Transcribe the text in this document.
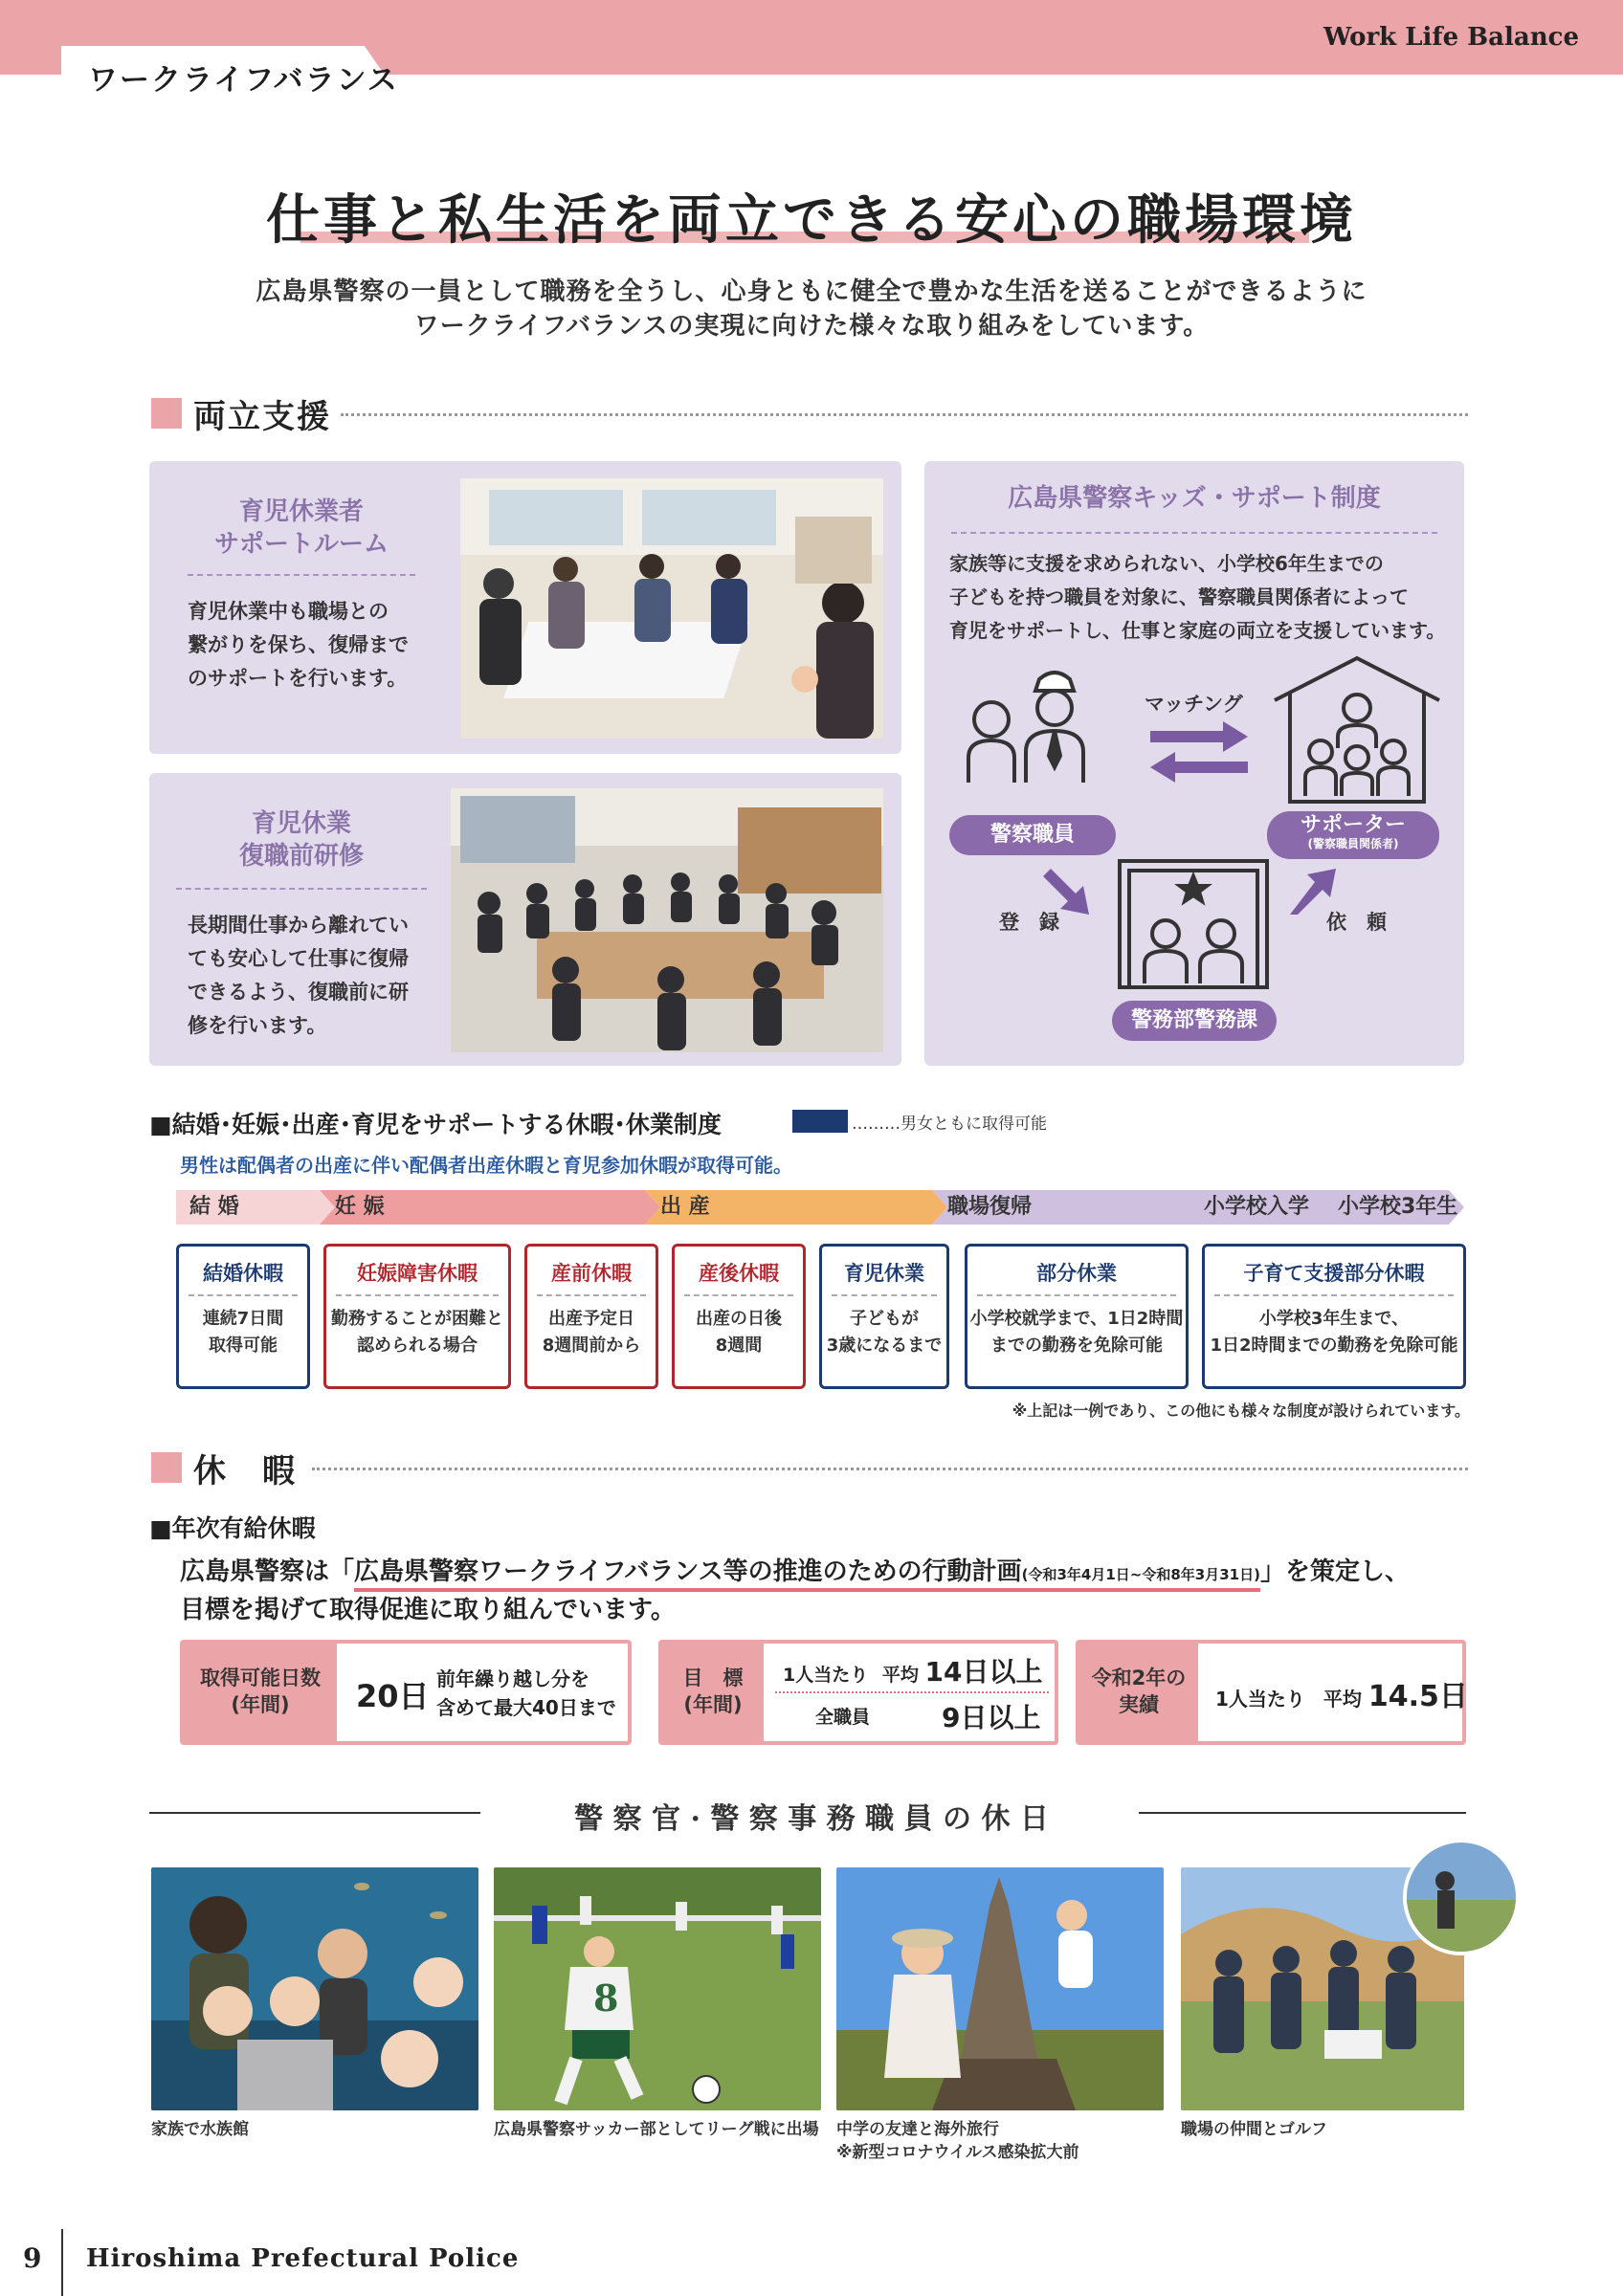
ワークライフバランス
Work Life Balance
仕事と私生活を両立できる安心の職場環境
広島県警察の一員として職務を全うし、心身ともに健全で豊かな生活を送ることができるように
ワークライフバランスの実現に向けた様々な取り組みをしています。
両立支援
育児休業者
サポートルーム
育児休業中も職場との
繋がりを保ち、復帰まで
のサポートを行います。
育児休業
復職前研修
長期間仕事から離れてい
ても安心して仕事に復帰
できるよう、復職前に研
修を行います。
広島県警察キッズ・サポート制度
家族等に支援を求められない、小学校6年生までの
子どもを持つ職員を対象に、警察職員関係者によって
育児をサポートし、仕事と家庭の両立を支援しています。
マッチング
警察職員	サポーター
(警察職員関係者)
登　録	依　頼
警務部警務課
■結婚･妊娠･出産･育児をサポートする休暇･休業制度	………男女ともに取得可能
男性は配偶者の出産に伴い配偶者出産休暇と育児参加休暇が取得可能。
結 婚	妊 娠	出 産	職場復帰	小学校入学	小学校3年生
結婚休暇
連続7日間
取得可能
妊娠障害休暇
勤務することが困難と
認められる場合
産前休暇
出産予定日
8週間前から
産後休暇
出産の日後
8週間
育児休業
子どもが
3歳になるまで
部分休業
小学校就学まで、1日2時間
までの勤務を免除可能
子育て支援部分休暇
小学校3年生まで、
1日2時間までの勤務を免除可能
※上記は一例であり、この他にも様々な制度が設けられています。
休　暇
■年次有給休暇
広島県警察は「広島県警察ワークライフバランス等の推進のための行動計画(令和3年4月1日~令和8年3月31日)」を策定し、
目標を掲げて取得促進に取り組んでいます。
取得可能日数
(年間)	20日 前年繰り越し分を
含めて最大40日まで
目　標
(年間)
1人当たり 平均 14日以上
全職員	9日以上
令和2年の
実績	1人当たり 平均 14.5日
警 察 官 · 警 察 事 務 職 員 の 休 日
8
家族で水族館	広島県警察サッカー部としてリーグ戦に出場 中学の友達と海外旅行
※新型コロナウイルス感染拡大前
職場の仲間とゴルフ
9 Hiroshima Prefectural Police
